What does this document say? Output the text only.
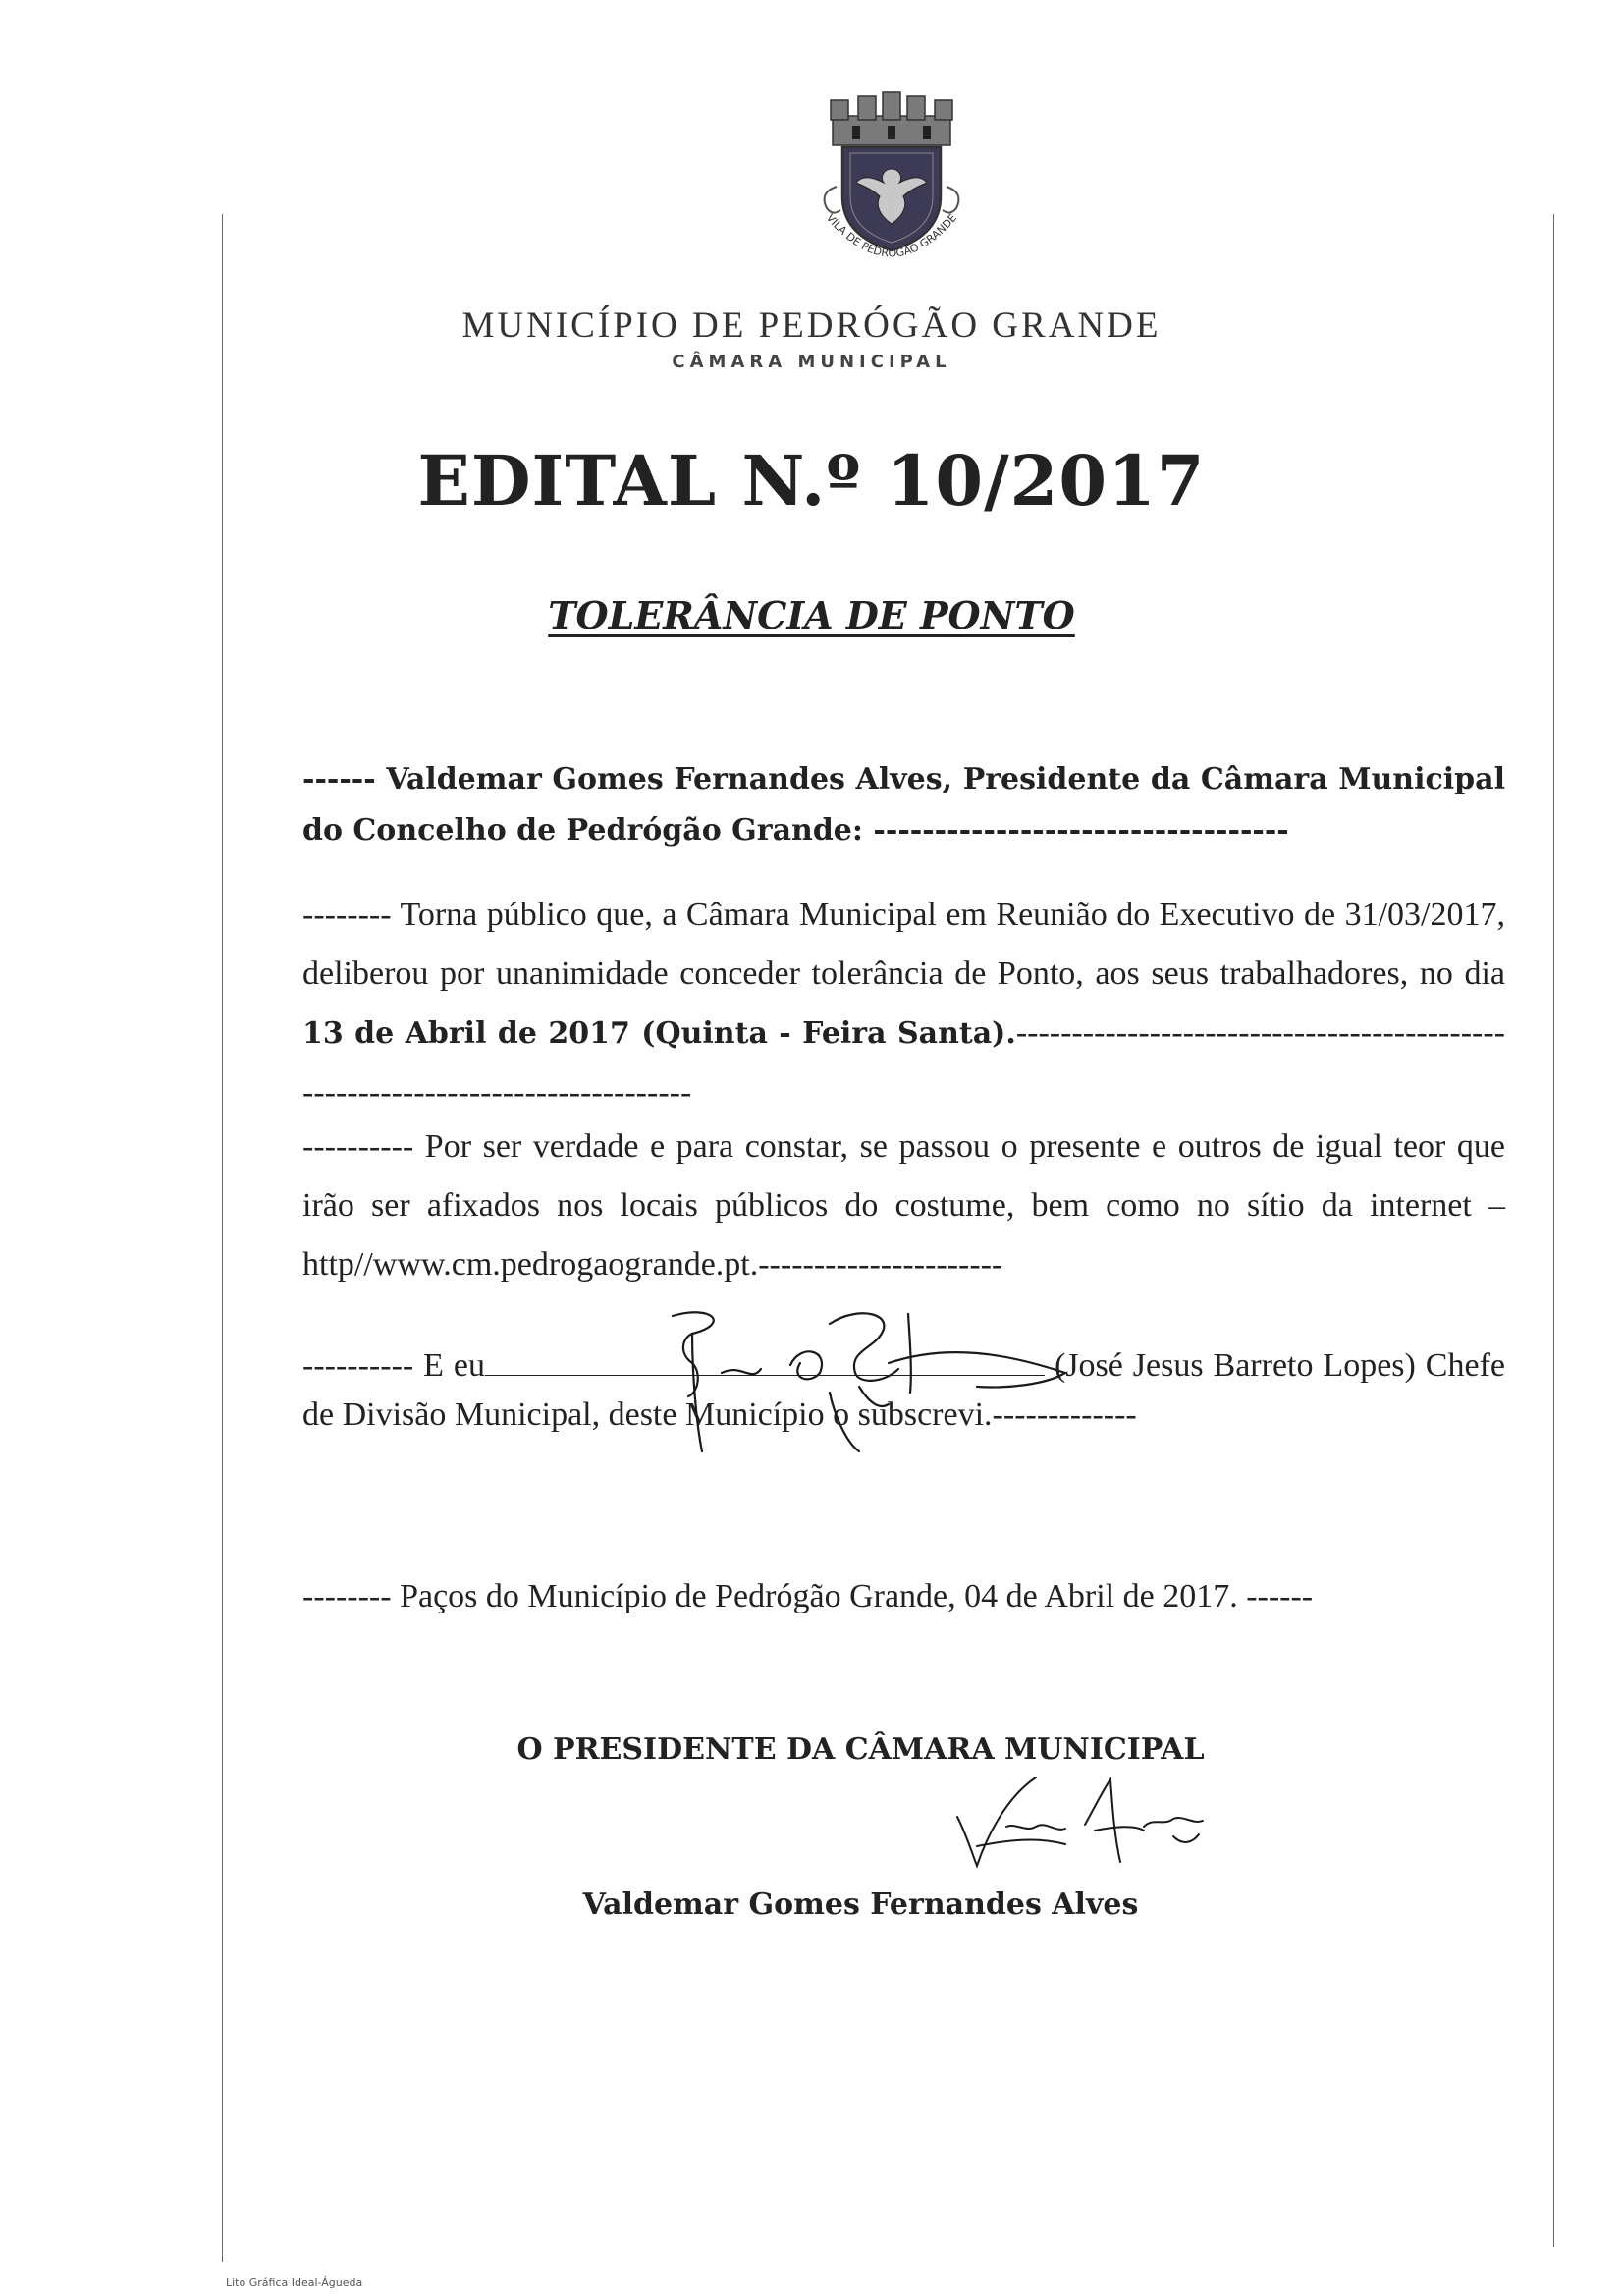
VILA DE PEDRÓGÃO GRANDE
MUNICÍPIO DE PEDRÓGÃO GRANDE
CÂMARA MUNICIPAL
EDITAL N.º 10/2017
TOLERÂNCIA DE PONTO
------ Valdemar Gomes Fernandes Alves, Presidente da Câmara Municipal do Concelho de Pedrógão Grande: ----------------------------------
-------- Torna público que, a Câmara Municipal em Reunião do Executivo de 31/03/2017, deliberou por unanimidade conceder tolerância de Ponto, aos seus trabalhadores, no dia 13 de Abril de 2017 (Quinta - Feira Santa).-------------------------------------------------------------------------------
---------- Por ser verdade e para constar, se passou o presente e outros de igual teor que irão ser afixados nos locais públicos do costume, bem como no sítio da internet – http//www.cm.pedrogaogrande.pt.----------------------
---------- E eu	(José Jesus Barreto Lopes) Chefe de Divisão Municipal, deste Município o subscrevi.-------------
-------- Paços do Município de Pedrógão Grande, 04 de Abril de 2017. ------
O PRESIDENTE DA CÂMARA MUNICIPAL
Valdemar Gomes Fernandes Alves
Lito Gráfica Ideal-Águeda
